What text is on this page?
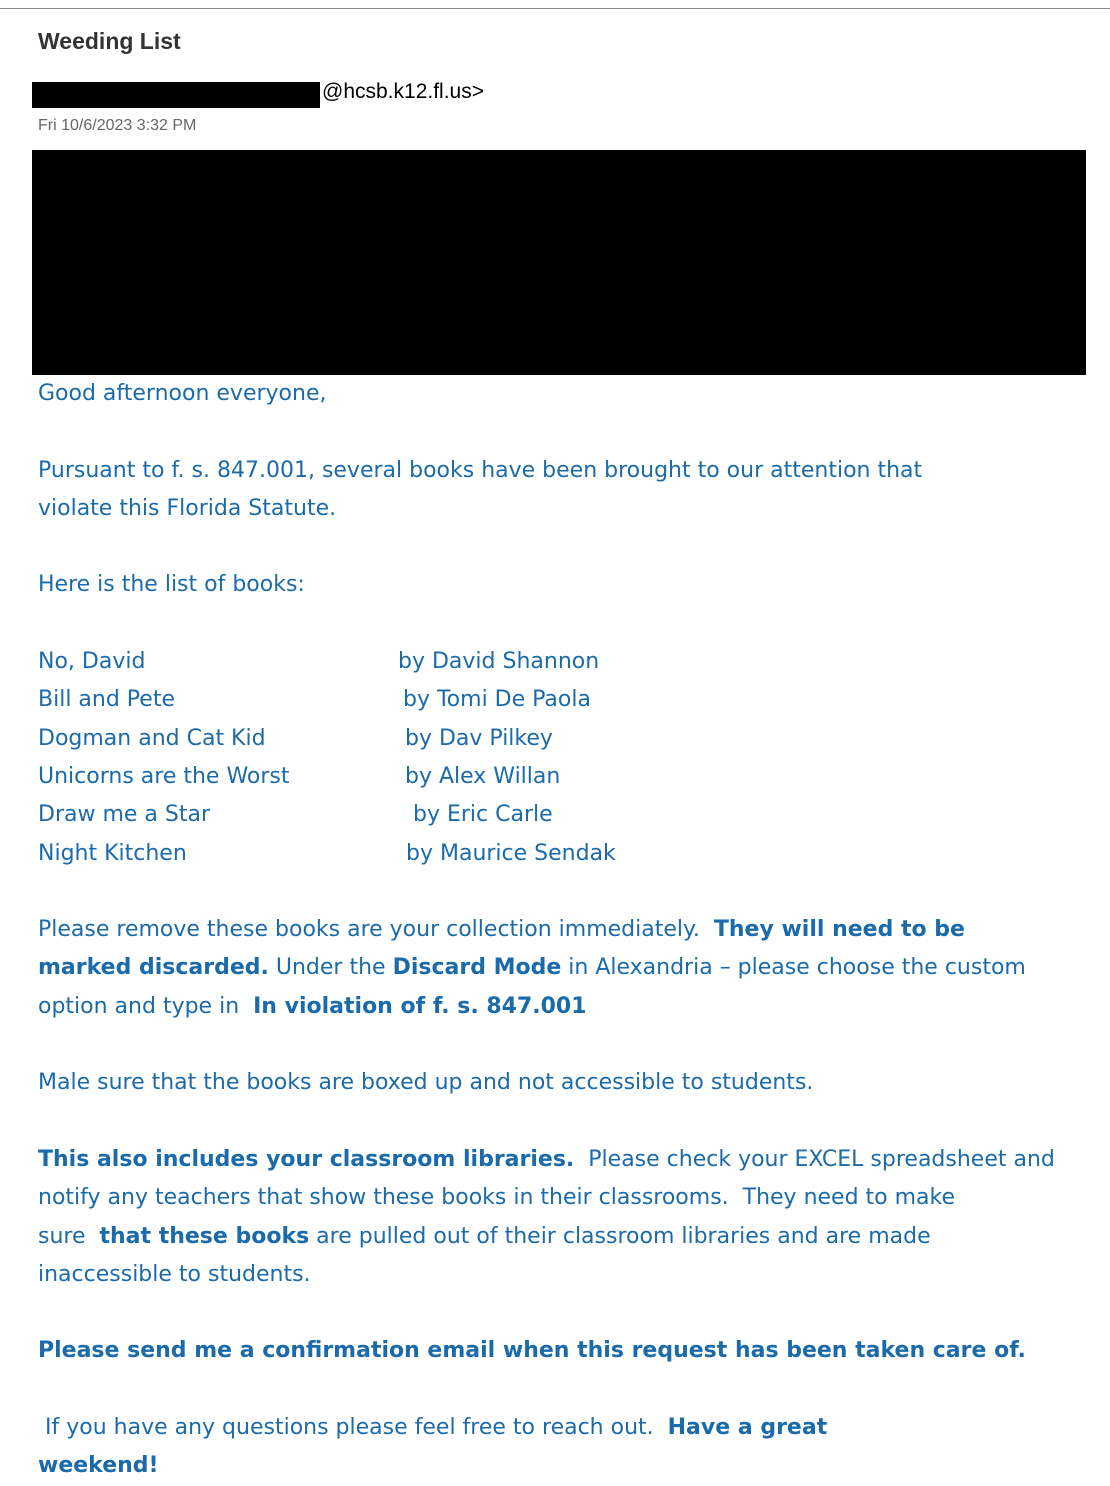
Weeding List
@hcsb.k12.fl.us>
Fri 10/6/2023 3:32 PM
Good afternoon everyone,
Pursuant to f. s. 847.001, several books have been brought to our attention that
violate this Florida Statute.
Here is the list of books:
No, David	by David Shannon
Bill and Pete	by Tomi De Paola
Dogman and Cat Kid	by Dav Pilkey
Unicorns are the Worst	by Alex Willan
Draw me a Star	by Eric Carle
Night Kitchen	by Maurice Sendak
Please remove these books are your collection immediately.  They will need to be
marked discarded. Under the Discard Mode in Alexandria – please choose the custom
option and type in  In violation of f. s. 847.001
Male sure that the books are boxed up and not accessible to students.
This also includes your classroom libraries.  Please check your EXCEL spreadsheet and
notify any teachers that show these books in their classrooms.  They need to make
sure  that these books are pulled out of their classroom libraries and are made
inaccessible to students.
Please send me a confirmation email when this request has been taken care of.
If you have any questions please feel free to reach out.  Have a great
weekend!
